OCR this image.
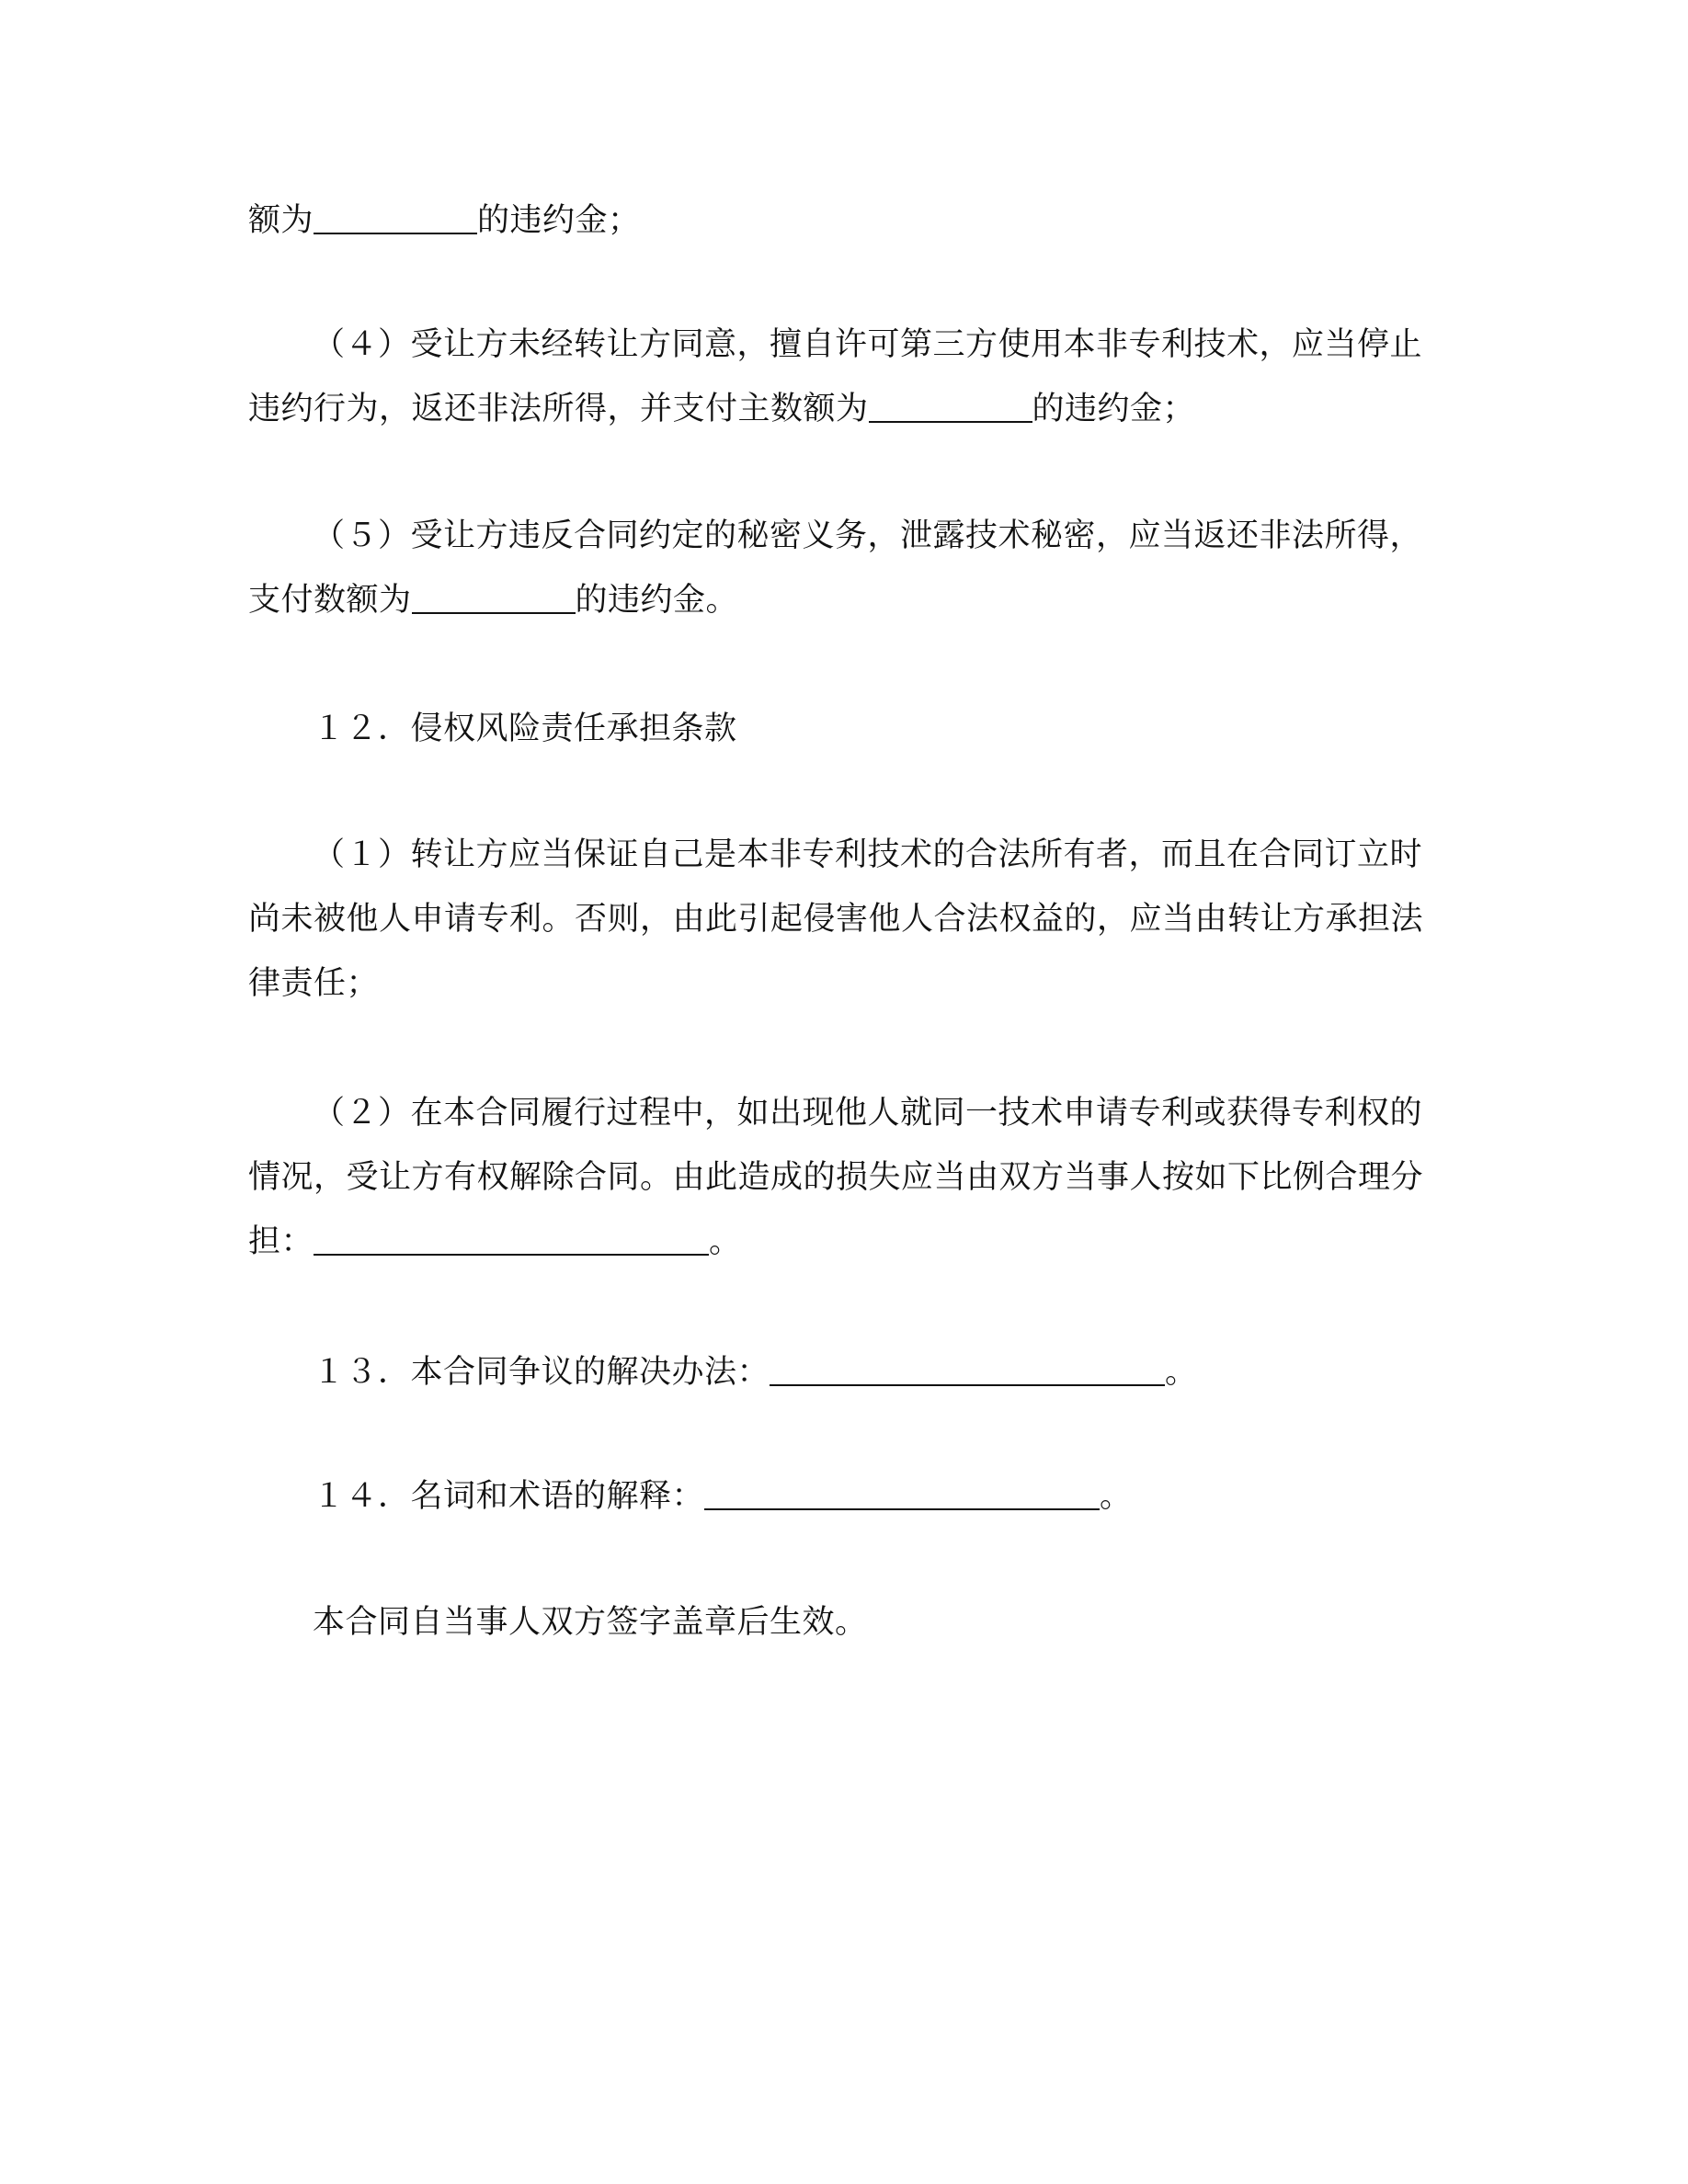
额为	的违约金；

（４）受让方未经转让方同意，擅自许可第三方使用本非专利技术，应当停止
违约行为，返还非法所得，并支付主数额为	的违约金；
（５）受让方违反合同约定的秘密义务，泄露技术秘密，应当返还非法所得，
支付数额为	的违约金。
１２．侵权风险责任承担条款
（１）转让方应当保证自己是本非专利技术的合法所有者，而且在合同订立时
尚未被他人申请专利。否则，由此引起侵害他人合法权益的，应当由转让方承担法
律责任；
（２）在本合同履行过程中，如出现他人就同一技术申请专利或获得专利权的
情况，受让方有权解除合同。由此造成的损失应当由双方当事人按如下比例合理分
担：	。
１３．本合同争议的解决办法：	。
１４．名词和术语的解释：	。
本合同自当事人双方签字盖章后生效。
